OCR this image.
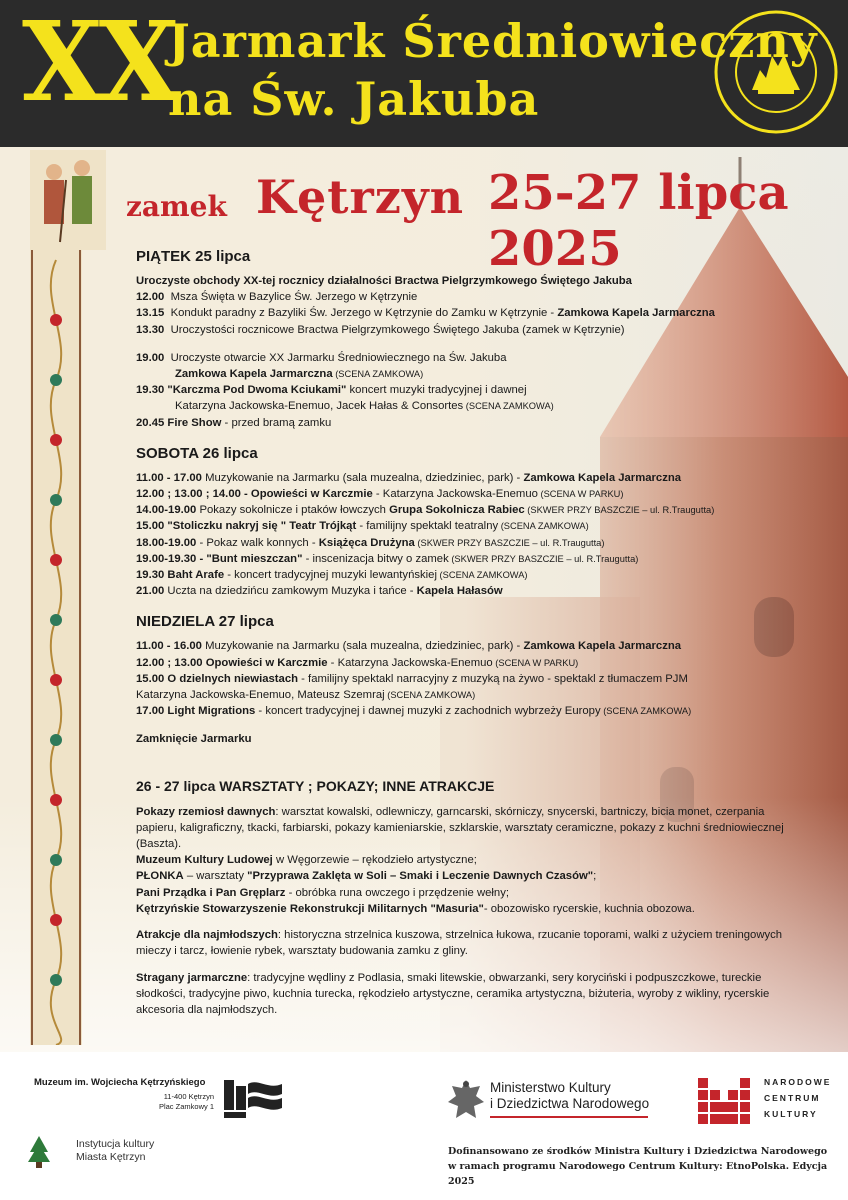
XX
Jarmark Średniowieczny
na Św. Jakuba
zamek Kętrzyn 25-27 lipca 2025
PIĄTEK 25 lipca
Uroczyste obchody XX-tej rocznicy działalności Bractwa Pielgrzymkowego Świętego Jakuba
12.00 Msza Święta w Bazylice Św. Jerzego w Kętrzynie
13.15 Kondukt paradny z Bazyliki Św. Jerzego w Kętrzynie do Zamku w Kętrzynie - Zamkowa Kapela Jarmarczna
13.30 Uroczystości rocznicowe Bractwa Pielgrzymkowego Świętego Jakuba (zamek w Kętrzynie)
19.00 Uroczyste otwarcie XX Jarmarku Średniowiecznego na Św. Jakuba
Zamkowa Kapela Jarmarczna (SCENA ZAMKOWA)
19.30 "Karczma Pod Dwoma Kciukami" koncert muzyki tradycyjnej i dawnej
Katarzyna Jackowska-Enemuo, Jacek Hałas & Consortes (SCENA ZAMKOWA)
20.45 Fire Show - przed bramą zamku
SOBOTA 26 lipca
11.00 - 17.00 Muzykowanie na Jarmarku (sala muzealna, dziedziniec, park) - Zamkowa Kapela Jarmarczna
12.00 ; 13.00 ; 14.00 - Opowieści w Karczmie - Katarzyna Jackowska-Enemuo (SCENA W PARKU)
14.00-19.00 Pokazy sokolnicze i ptaków łowczych Grupa Sokolnicza Rabiec (SKWER PRZY BASZCZIE – ul. R.Traugutta)
15.00 "Stoliczku nakryj się " Teatr Trójkąt - familijny spektakl teatralny (SCENA ZAMKOWA)
18.00-19.00 - Pokaz walk konnych - Książęca Drużyna (SKWER PRZY BASZCZIE – ul. R.Traugutta)
19.00-19.30 - "Bunt mieszczan" - inscenizacja bitwy o zamek (SKWER PRZY BASZCZIE – ul. R.Traugutta)
19.30 Baht Arafe - koncert tradycyjnej muzyki lewantyńskiej (SCENA ZAMKOWA)
21.00 Uczta na dziedzińcu zamkowym Muzyka i tańce - Kapela Hałasów
NIEDZIELA 27 lipca
11.00 - 16.00 Muzykowanie na Jarmarku (sala muzealna, dziedziniec, park) - Zamkowa Kapela Jarmarczna
12.00 ; 13.00 Opowieści w Karczmie - Katarzyna Jackowska-Enemuo (SCENA W PARKU)
15.00 O dzielnych niewiastach - familijny spektakl narracyjny z muzyką na żywo - spektakl z tłumaczem PJM
Katarzyna Jackowska-Enemuo, Mateusz Szemraj (SCENA ZAMKOWA)
17.00 Light Migrations - koncert tradycyjnej i dawnej muzyki z zachodnich wybrzeży Europy (SCENA ZAMKOWA)
Zamknięcie Jarmarku
26 - 27 lipca WARSZTATY ; POKAZY; INNE ATRAKCJE
Pokazy rzemiosł dawnych: warsztat kowalski, odlewniczy, garncarski, skórniczy, snycerski, bartniczy, bicia monet, czerpania papieru, kaligraficzny, tkacki, farbiarski, pokazy kamieniarskie, szklarskie, warsztaty ceramiczne, pokazy z kuchni średniowiecznej (Baszta).
Muzeum Kultury Ludowej w Węgorzewie – rękodzieło artystyczne;
PŁONKA – warsztaty "Przyprawa Zaklęta w Soli – Smaki i Leczenie Dawnych Czasów";
Pani Prządka i Pan Gręplarz - obróbka runa owczego i przędzenie wełny;
Kętrzyńskie Stowarzyszenie Rekonstrukcji Militarnych "Masuria"- obozowisko rycerskie, kuchnia obozowa.
Atrakcje dla najmłodszych: historyczna strzelnica kuszowa, strzelnica łukowa, rzucanie toporami, walki z użyciem treningowych mieczy i tarcz, łowienie rybek, warsztaty budowania zamku z gliny.
Stragany jarmarczne: tradycyjne wędliny z Podlasia, smaki litewskie, obwarzanki, sery koryciński i podpuszczkowe, tureckie słodkości, tradycyjne piwo, kuchnia turecka, rękodzieło artystyczne, ceramika artystyczna, biżuteria, wyroby z wikliny, rycerskie akcesoria dla najmłodszych.
Muzeum im. Wojciecha Kętrzyńskiego
11-400 Kętrzyn
Plac Zamkowy 1
Ministerstwo Kultury
i Dziedzictwa Narodowego
NARODOWE
CENTRUM
KULTURY
Instytucja kultury
Miasta Kętrzyn	Dofinansowano ze środków Ministra Kultury i Dziedzictwa Narodowego
w ramach programu Narodowego Centrum Kultury: EtnoPolska. Edycja 2025
